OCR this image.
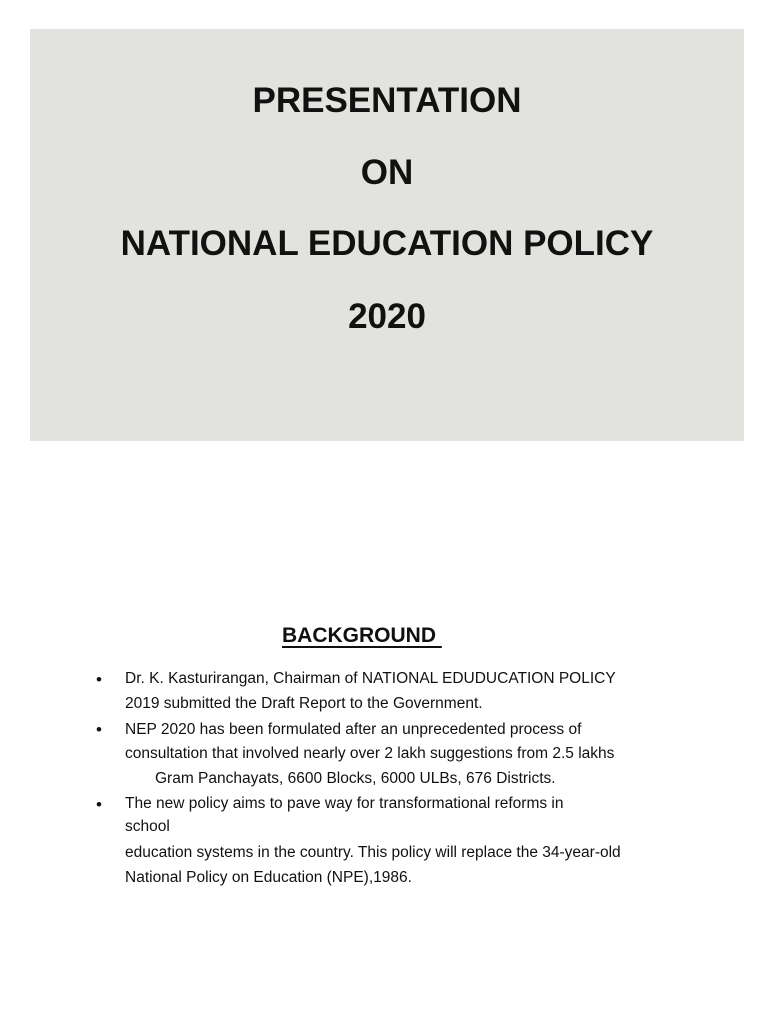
PRESENTATION
ON
NATIONAL EDUCATION POLICY
2020
BACKGROUND
• Dr. K. Kasturirangan, Chairman of NATIONAL EDUDUCATION POLICY
2019 submitted the Draft Report to the Government.
• NEP 2020 has been formulated after an unprecedented process of
consultation that involved nearly over 2 lakh suggestions from 2.5 lakhs
Gram Panchayats, 6600 Blocks, 6000 ULBs, 676 Districts.
• The new policy aims to pave way for transformational reforms in
school
education systems in the country. This policy will replace the 34-year-old
National Policy on Education (NPE),1986.
